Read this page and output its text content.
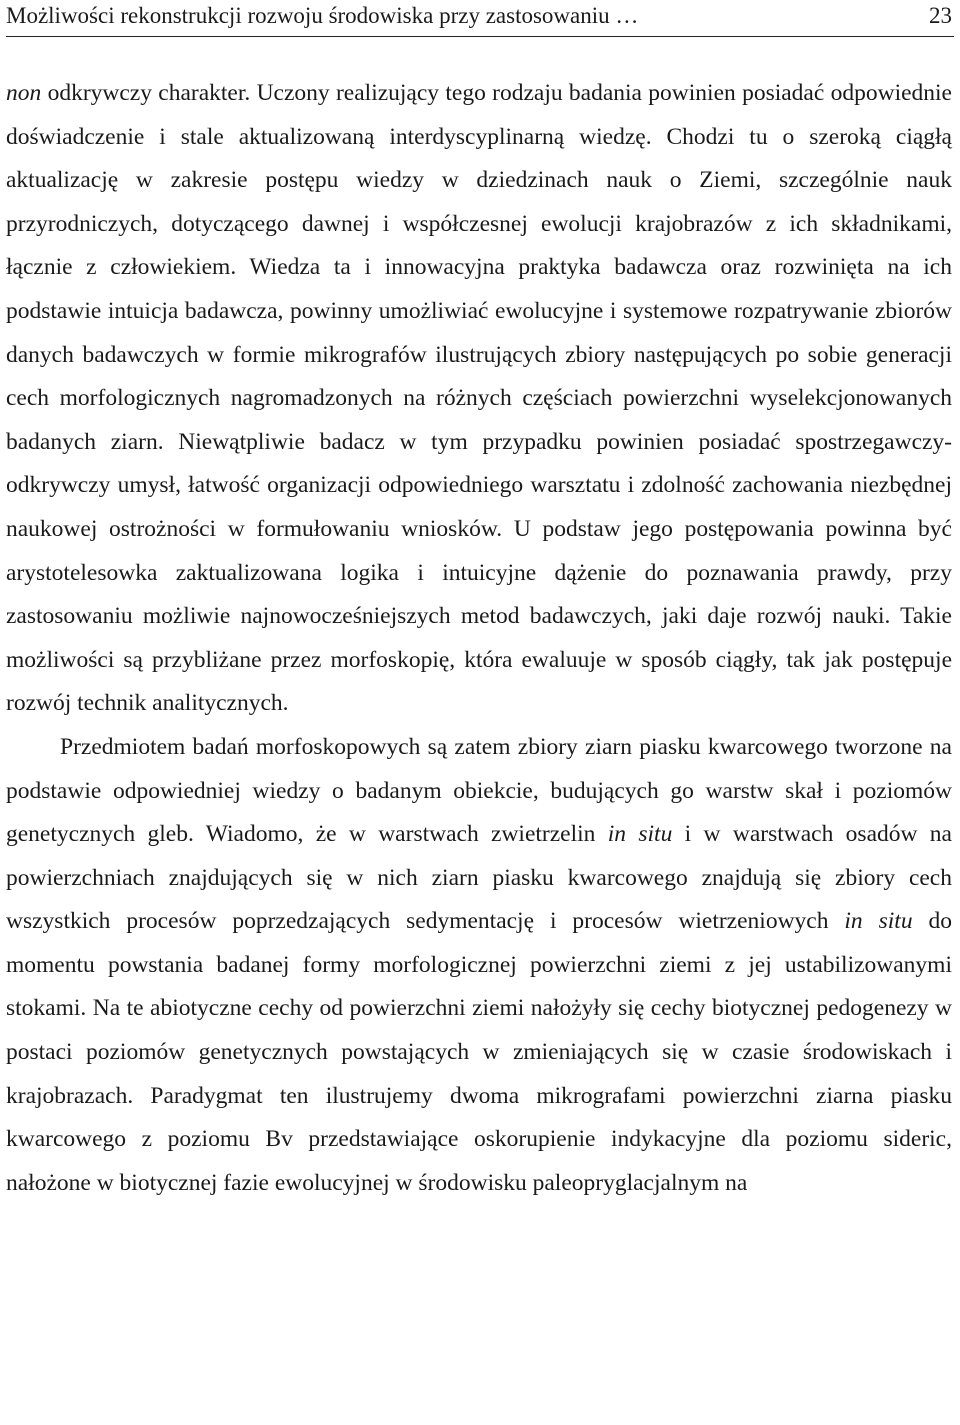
Możliwości rekonstrukcji rozwoju środowiska przy zastosowaniu …	23

non odkrywczy charakter. Uczony realizujący tego rodzaju badania powinien posiadać odpowiednie doświadczenie i stale aktualizowaną interdyscyplinarną wiedzę. Chodzi tu o szeroką ciągłą aktualizację w zakresie postępu wiedzy w dziedzinach nauk o Ziemi, szczególnie nauk przyrodniczych, dotyczącego dawnej i współczesnej ewolucji krajobrazów z ich składnikami, łącznie z człowiekiem. Wiedza ta i innowacyjna praktyka badawcza oraz rozwinięta na ich podstawie intuicja badawcza, powinny umożliwiać ewolucyjne i systemowe rozpatrywanie zbiorów danych badawczych w formie mikrografów ilustrujących zbiory następujących po sobie generacji cech morfologicznych nagromadzonych na różnych częściach powierzchni wyselekcjonowanych badanych ziarn. Niewątpliwie badacz w tym przypadku powinien posiadać spostrzegawczy-odkrywczy umysł, łatwość organizacji odpowiedniego warsztatu i zdolność zachowania niezbędnej naukowej ostrożności w formułowaniu wniosków. U podstaw jego postępowania powinna być arystotelesowka zaktualizowana logika i intuicyjne dążenie do poznawania prawdy, przy zastosowaniu możliwie najnowocześniejszych metod badawczych, jaki daje rozwój nauki. Takie możliwości są przybliżane przez morfoskopię, która ewaluuje w sposób ciągły, tak jak postępuje rozwój technik analitycznych.

Przedmiotem badań morfoskopowych są zatem zbiory ziarn piasku kwarcowego tworzone na podstawie odpowiedniej wiedzy o badanym obiekcie, budujących go warstw skał i poziomów genetycznych gleb. Wiadomo, że w warstwach zwietrzelin in situ i w warstwach osadów na powierzchniach znajdujących się w nich ziarn piasku kwarcowego znajdują się zbiory cech wszystkich procesów poprzedzających sedymentację i procesów wietrzeniowych in situ do momentu powstania badanej formy morfologicznej powierzchni ziemi z jej ustabilizowanymi stokami. Na te abiotyczne cechy od powierzchni ziemi nałożyły się cechy biotycznej pedogenezy w postaci poziomów genetycznych powstających w zmieniających się w czasie środowiskach i krajobrazach. Paradygmat ten ilustrujemy dwoma mikrografami powierzchni ziarna piasku kwarcowego z poziomu Bv przedstawiające oskorupienie indykacyjne dla poziomu sideric, nałożone w biotycznej fazie ewolucyjnej w środowisku paleopryglacjalnym na
